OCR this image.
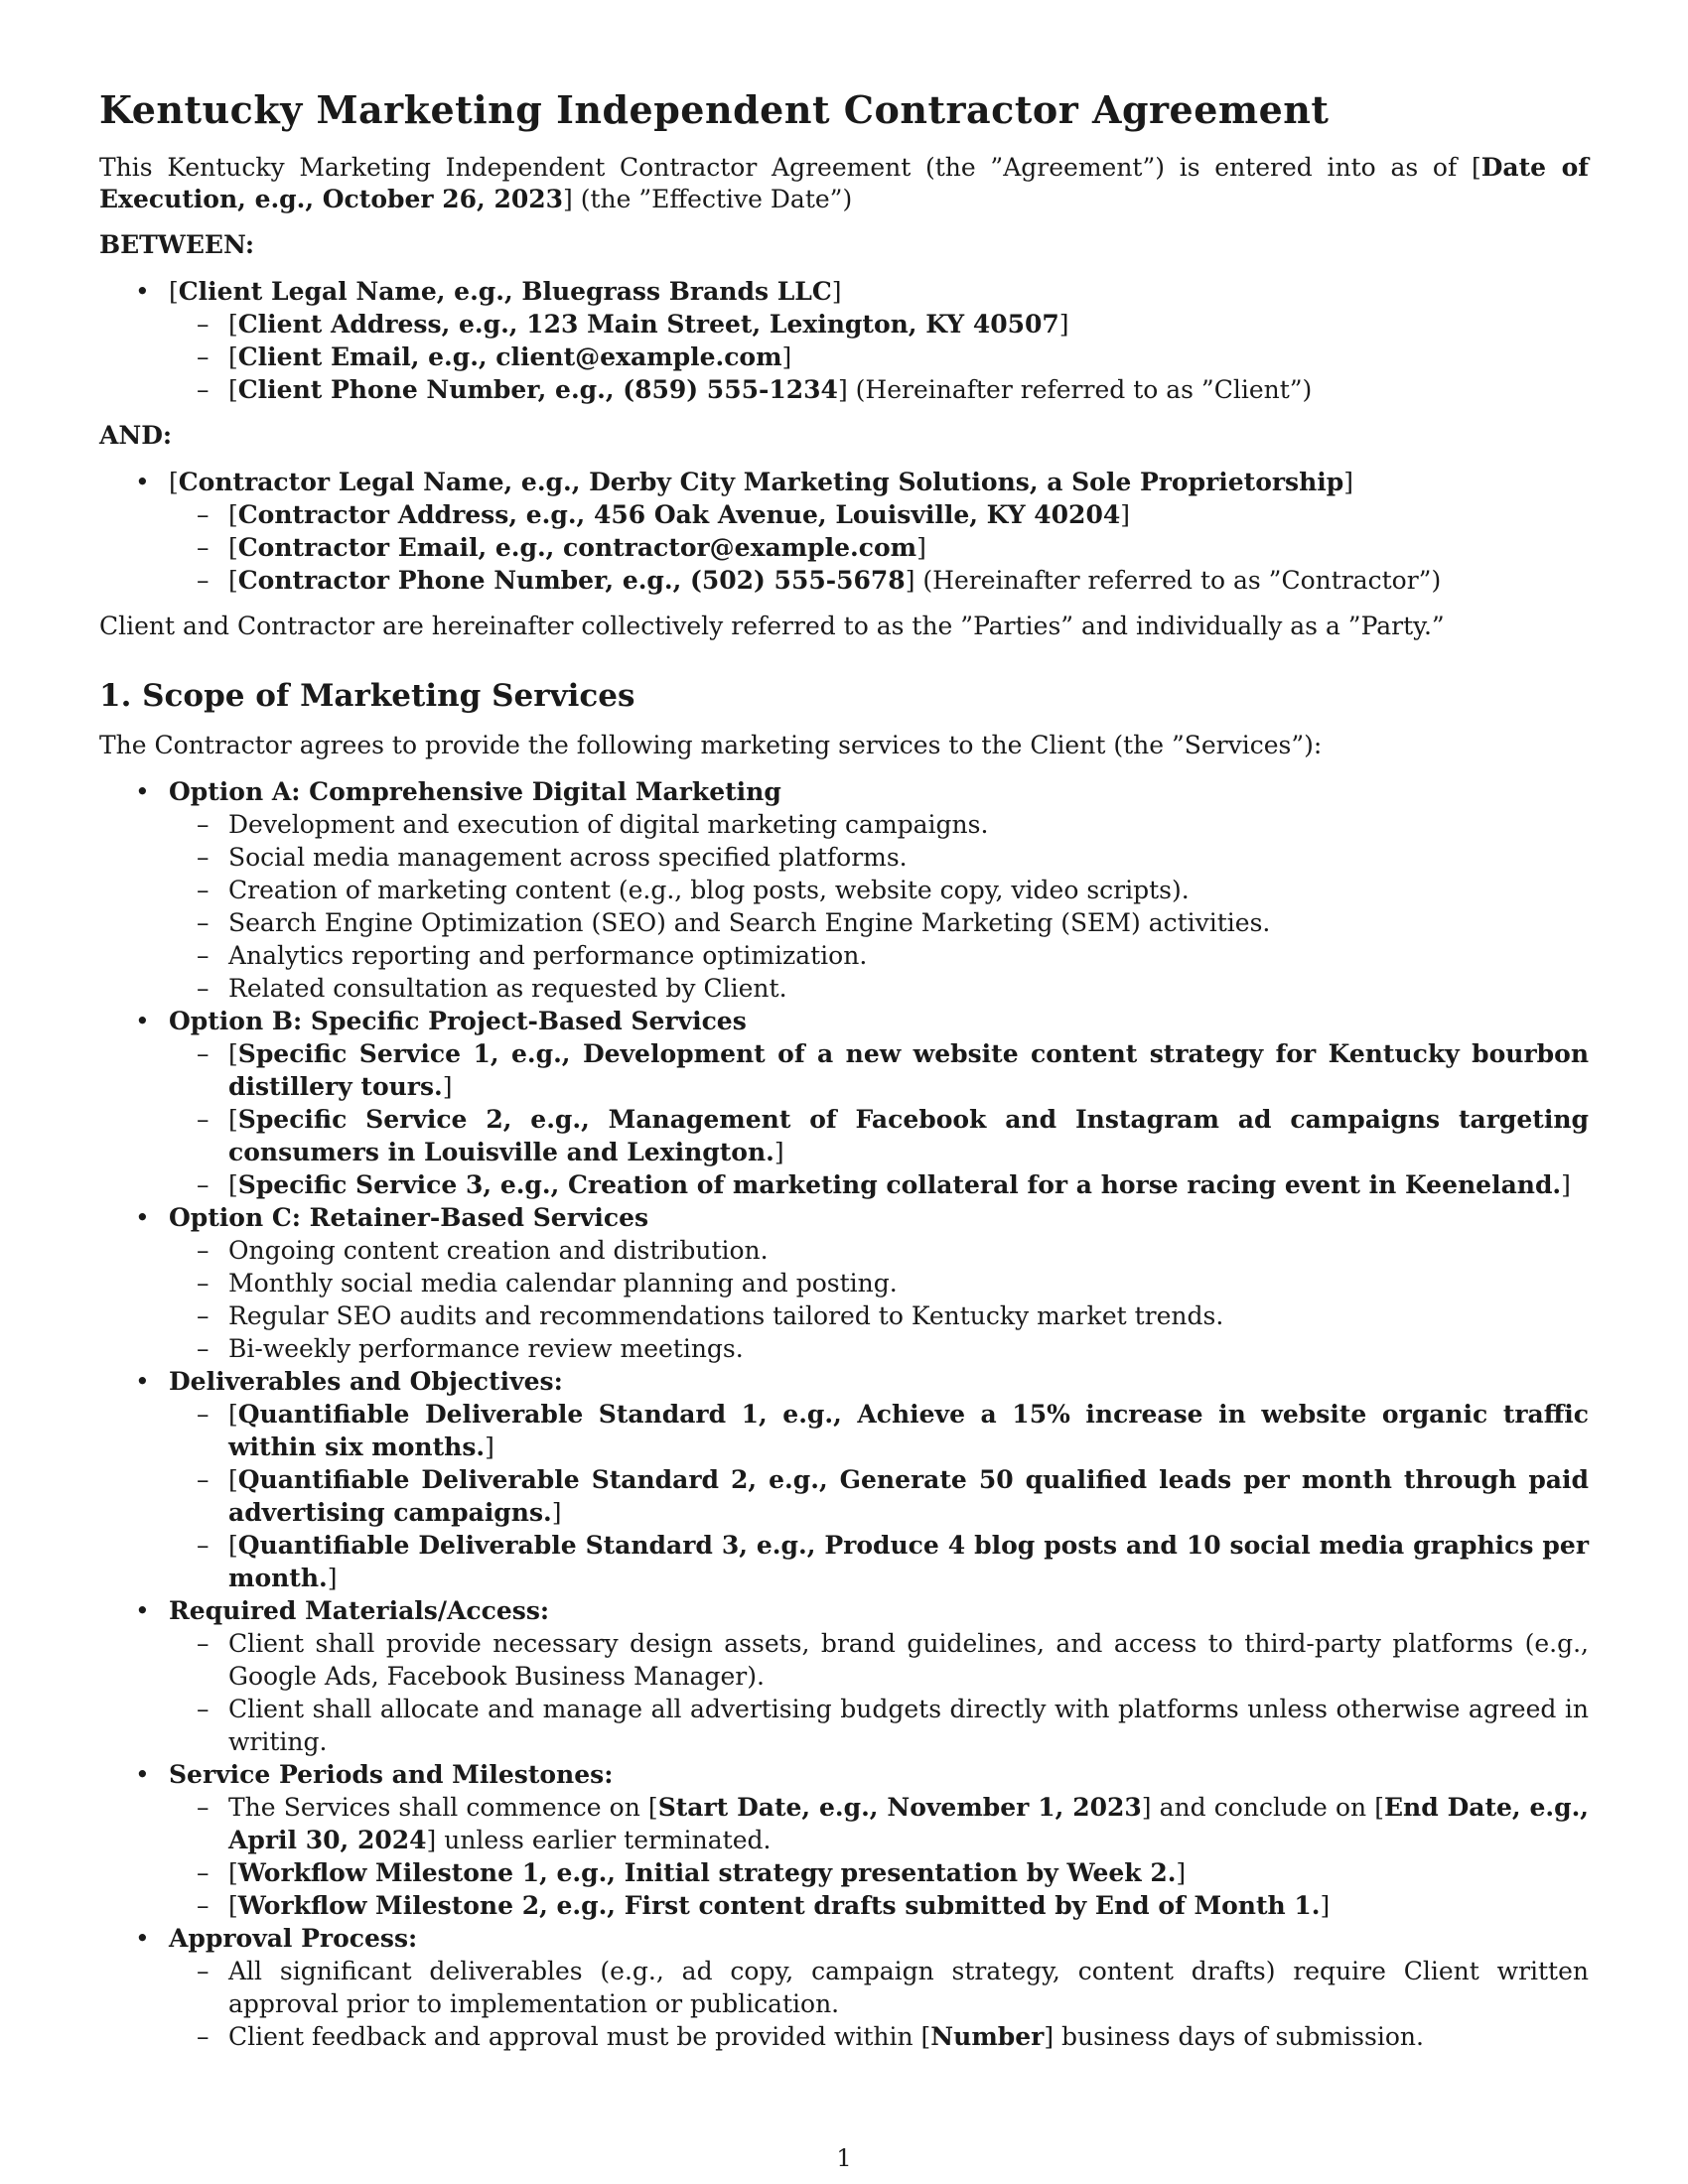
Kentucky Marketing Independent Contractor Agreement

This Kentucky Marketing Independent Contractor Agreement (the ”Agreement”) is entered into as of [Date of Execution, e.g., October 26, 2023] (the ”Effective Date”)

BETWEEN:

• [Client Legal Name, e.g., Bluegrass Brands LLC]
– [Client Address, e.g., 123 Main Street, Lexington, KY 40507]
– [Client Email, e.g., client@example.com]
– [Client Phone Number, e.g., (859) 555-1234] (Hereinafter referred to as ”Client”)

AND:

• [Contractor Legal Name, e.g., Derby City Marketing Solutions, a Sole Proprietorship]
– [Contractor Address, e.g., 456 Oak Avenue, Louisville, KY 40204]
– [Contractor Email, e.g., contractor@example.com]
– [Contractor Phone Number, e.g., (502) 555-5678] (Hereinafter referred to as ”Contractor”)

Client and Contractor are hereinafter collectively referred to as the ”Parties” and individually as a ”Party.”

1. Scope of Marketing Services

The Contractor agrees to provide the following marketing services to the Client (the ”Services”):

• Option A: Comprehensive Digital Marketing
– Development and execution of digital marketing campaigns.
– Social media management across specified platforms.
– Creation of marketing content (e.g., blog posts, website copy, video scripts).
– Search Engine Optimization (SEO) and Search Engine Marketing (SEM) activities.
– Analytics reporting and performance optimization.
– Related consultation as requested by Client.
• Option B: Specific Project-Based Services
– [Specific Service 1, e.g., Development of a new website content strategy for Kentucky bourbon distillery tours.]
– [Specific Service 2, e.g., Management of Facebook and Instagram ad campaigns targeting consumers in Louisville and Lexington.]
– [Specific Service 3, e.g., Creation of marketing collateral for a horse racing event in Keeneland.]
• Option C: Retainer-Based Services
– Ongoing content creation and distribution.
– Monthly social media calendar planning and posting.
– Regular SEO audits and recommendations tailored to Kentucky market trends.
– Bi-weekly performance review meetings.
• Deliverables and Objectives:
– [Quantifiable Deliverable Standard 1, e.g., Achieve a 15% increase in website organic traffic within six months.]
– [Quantifiable Deliverable Standard 2, e.g., Generate 50 qualified leads per month through paid advertising campaigns.]
– [Quantifiable Deliverable Standard 3, e.g., Produce 4 blog posts and 10 social media graphics per month.]
• Required Materials/Access:
– Client shall provide necessary design assets, brand guidelines, and access to third-party platforms (e.g., Google Ads, Facebook Business Manager).
– Client shall allocate and manage all advertising budgets directly with platforms unless otherwise agreed in writing.
• Service Periods and Milestones:
– The Services shall commence on [Start Date, e.g., November 1, 2023] and conclude on [End Date, e.g., April 30, 2024] unless earlier terminated.
– [Workflow Milestone 1, e.g., Initial strategy presentation by Week 2.]
– [Workflow Milestone 2, e.g., First content drafts submitted by End of Month 1.]
• Approval Process:
– All significant deliverables (e.g., ad copy, campaign strategy, content drafts) require Client written approval prior to implementation or publication.
– Client feedback and approval must be provided within [Number] business days of submission.
1
